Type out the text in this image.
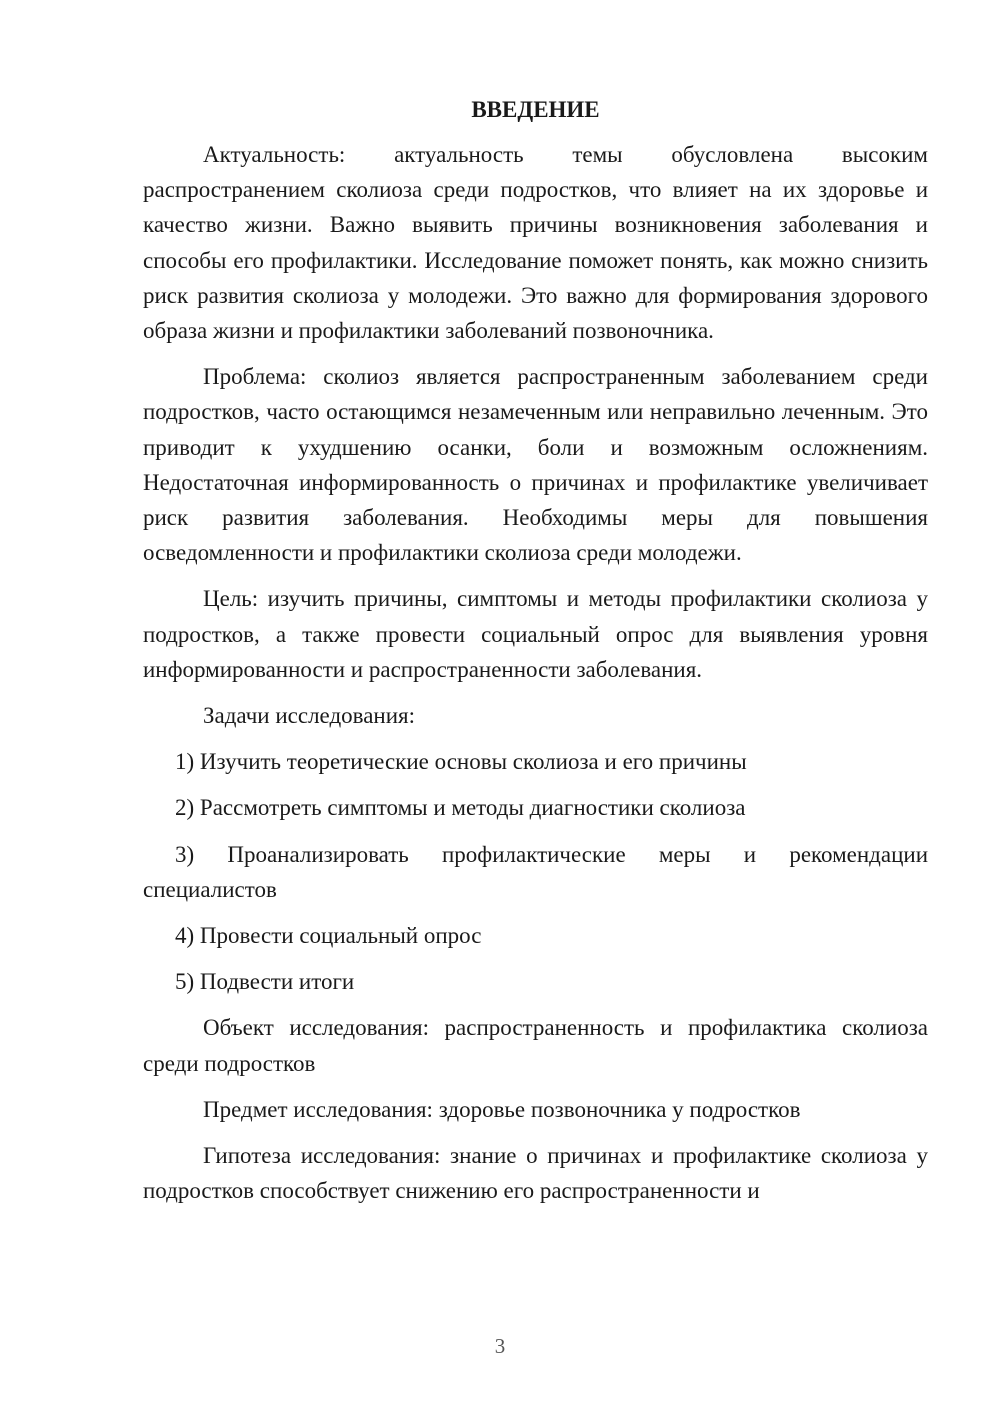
ВВЕДЕНИЕ

Актуальность: актуальность темы обусловлена высоким распространением сколиоза среди подростков, что влияет на их здоровье и качество жизни. Важно выявить причины возникновения заболевания и способы его профилактики. Исследование поможет понять, как можно снизить риск развития сколиоза у молодежи. Это важно для формирования здорового образа жизни и профилактики заболеваний позвоночника.

Проблема: сколиоз является распространенным заболеванием среди подростков, часто остающимся незамеченным или неправильно леченным. Это приводит к ухудшению осанки, боли и возможным осложнениям. Недостаточная информированность о причинах и профилактике увеличивает риск развития заболевания. Необходимы меры для повышения осведомленности и профилактики сколиоза среди молодежи.

Цель: изучить причины, симптомы и методы профилактики сколиоза у подростков, а также провести социальный опрос для выявления уровня информированности и распространенности заболевания.

Задачи исследования:

1) Изучить теоретические основы сколиоза и его причины

2) Рассмотреть симптомы и методы диагностики сколиоза

3) Проанализировать профилактические меры и рекомендации специалистов

4) Провести социальный опрос

5) Подвести итоги

Объект исследования: распространенность и профилактика сколиоза среди подростков

Предмет исследования: здоровье позвоночника у подростков

Гипотеза исследования: знание о причинах и профилактике сколиоза у подростков способствует снижению его распространенности и

3
